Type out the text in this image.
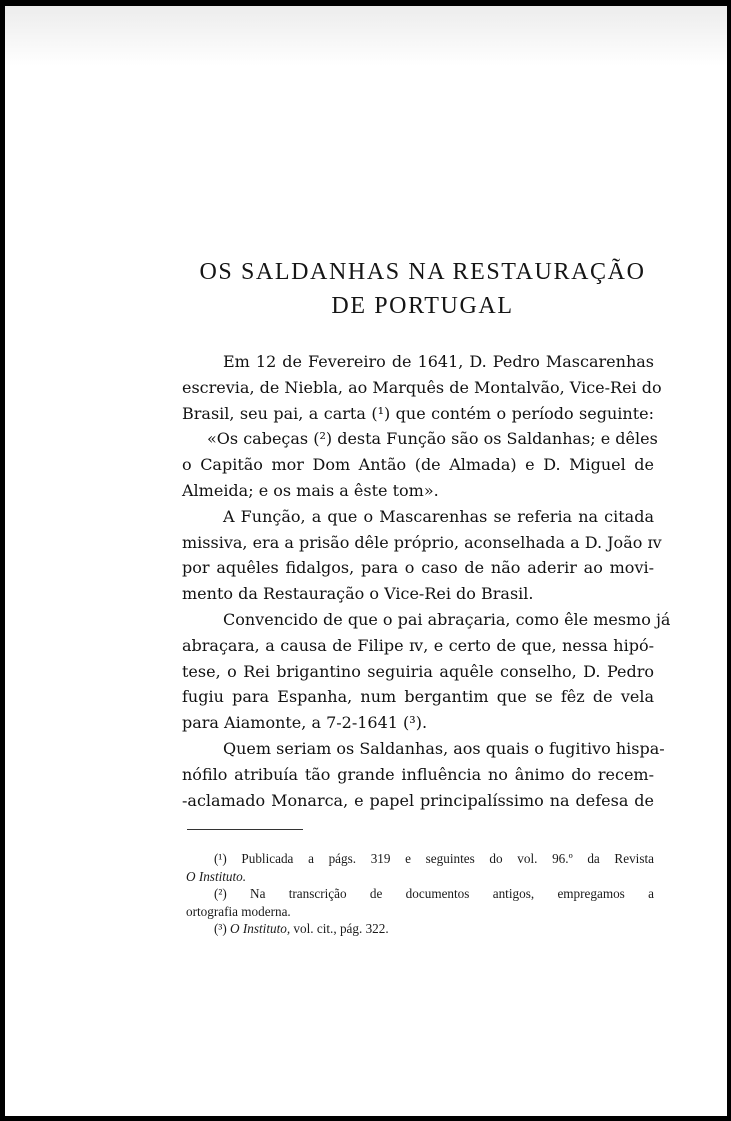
OS SALDANHAS NA RESTAURAÇÃO
DE PORTUGAL
Em 12 de Fevereiro de 1641, D. Pedro Mascarenhas
escrevia, de Niebla, ao Marquês de Montalvão, Vice-Rei do
Brasil, seu pai, a carta (¹) que contém o período seguinte:
«Os cabeças (²) desta Função são os Saldanhas; e dêles
o Capitão mor Dom Antão (de Almada) e D. Miguel de
Almeida; e os mais a êste tom».
A Função, a que o Mascarenhas se referia na citada
missiva, era a prisão dêle próprio, aconselhada a D. João ɪᴠ
por aquêles fidalgos, para o caso de não aderir ao movi-
mento da Restauração o Vice-Rei do Brasil.
Convencido de que o pai abraçaria, como êle mesmo já
abraçara, a causa de Filipe ɪᴠ, e certo de que, nessa hipó-
tese, o Rei brigantino seguiria aquêle conselho, D. Pedro
fugiu para Espanha, num bergantim que se fêz de vela
para Aiamonte, a 7-2-1641 (³).
Quem seriam os Saldanhas, aos quais o fugitivo hispa-
nófilo atribuía tão grande influência no ânimo do recem-
-aclamado Monarca, e papel principalíssimo na defesa de
(¹) Publicada a págs. 319 e seguintes do vol. 96.º da Revista
O Instituto.
(²) Na transcrição de documentos antigos, empregamos a
ortografia moderna.
(³) O Instituto, vol. cit., pág. 322.
